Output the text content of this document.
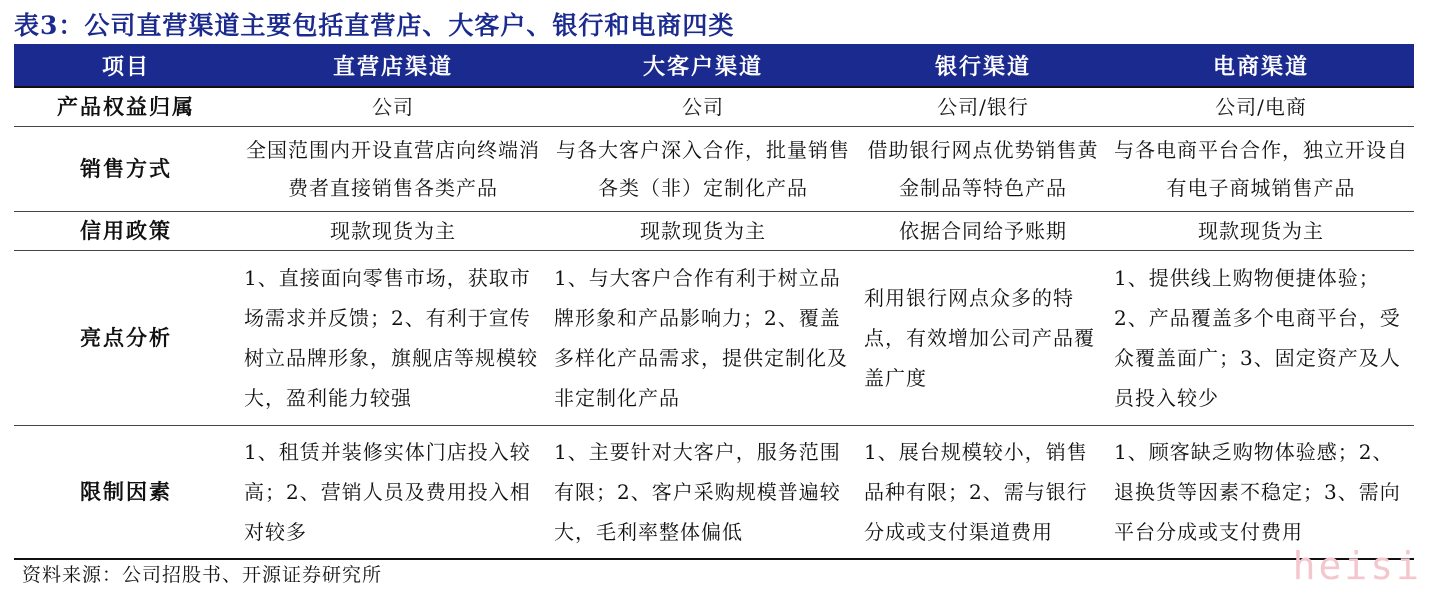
表3：公司直营渠道主要包括直营店、大客户、银行和电商四类
项目	直营店渠道	大客户渠道	银行渠道	电商渠道
产品权益归属	公司	公司	公司/银行	公司/电商
销售方式	全国范围内开设直营店向终端消费者直接销售各类产品	与各大客户深入合作，批量销售各类（非）定制化产品	借助银行网点优势销售黄金制品等特色产品	与各电商平台合作，独立开设自有电子商城销售产品
信用政策	现款现货为主	现款现货为主	依据合同给予账期	现款现货为主
亮点分析	1、直接面向零售市场，获取市场需求并反馈；2、有利于宣传树立品牌形象，旗舰店等规模较大，盈利能力较强	1、与大客户合作有利于树立品牌形象和产品影响力；2、覆盖多样化产品需求，提供定制化及非定制化产品	利用银行网点众多的特点，有效增加公司产品覆盖广度	1、提供线上购物便捷体验；2、产品覆盖多个电商平台，受众覆盖面广；3、固定资产及人员投入较少
限制因素	1、租赁并装修实体门店投入较高；2、营销人员及费用投入相对较多	1、主要针对大客户，服务范围有限；2、客户采购规模普遍较大，毛利率整体偏低	1、展台规模较小，销售品种有限；2、需与银行分成或支付渠道费用	1、顾客缺乏购物体验感；2、退换货等因素不稳定；3、需向平台分成或支付费用
资料来源：公司招股书、开源证券研究所	heisi
